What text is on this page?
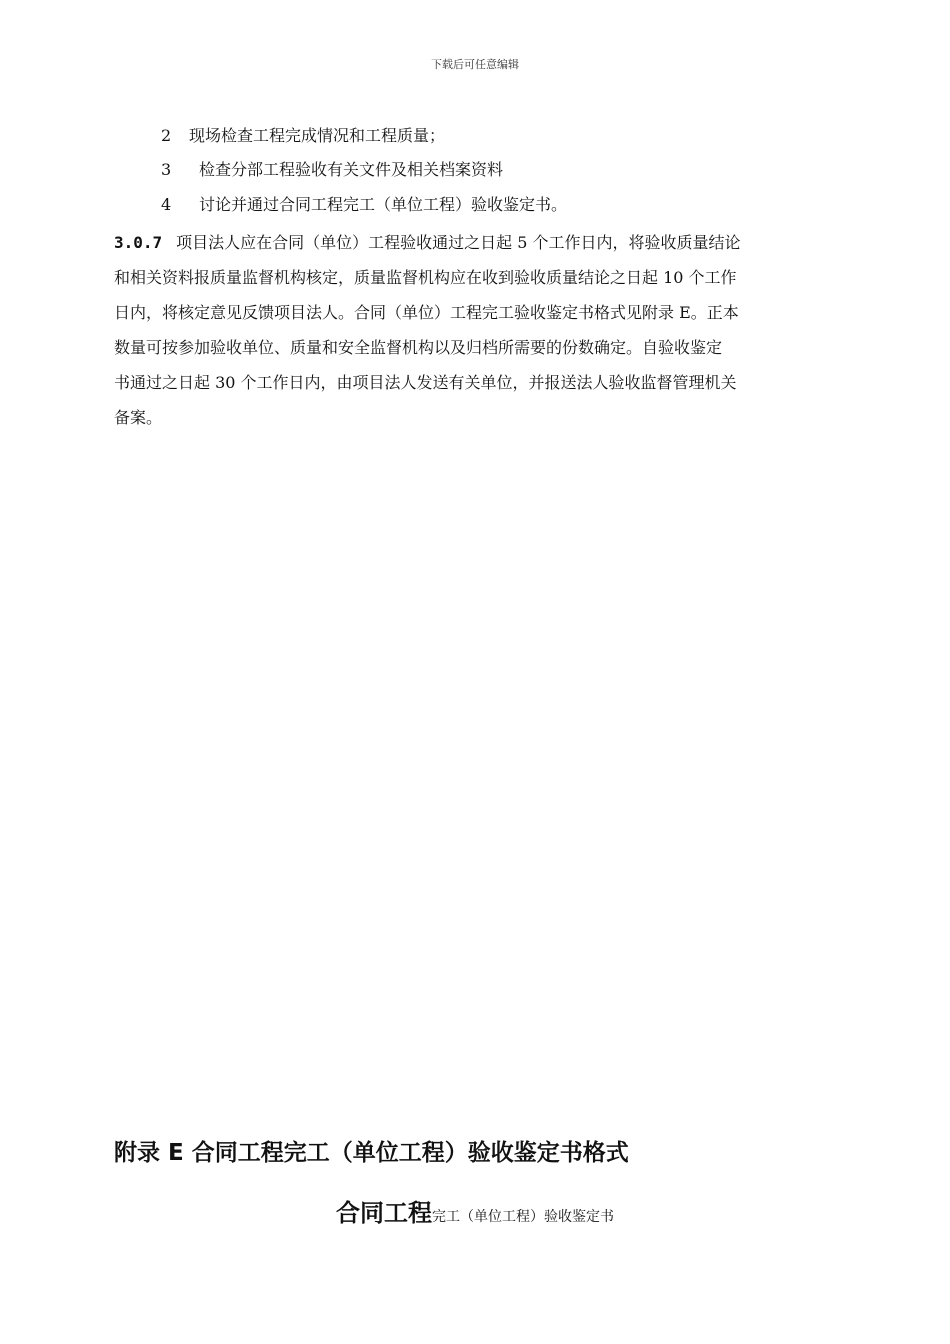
下载后可任意编辑
2 现场检查工程完成情况和工程质量；
3 检查分部工程验收有关文件及相关档案资料
4 讨论并通过合同工程完工（单位工程）验收鉴定书。
3.0.7 项目法人应在合同（单位）工程验收通过之日起 5 个工作日内，将验收质量结论
和相关资料报质量监督机构核定，质量监督机构应在收到验收质量结论之日起 10 个工作
日内，将核定意见反馈项目法人。合同（单位）工程完工验收鉴定书格式见附录 E。正本
数量可按参加验收单位、质量和安全监督机构以及归档所需要的份数确定。自验收鉴定
书通过之日起 30 个工作日内，由项目法人发送有关单位，并报送法人验收监督管理机关
备案。
附录 E 合同工程完工（单位工程）验收鉴定书格式
合同工程完工（单位工程）验收鉴定书
